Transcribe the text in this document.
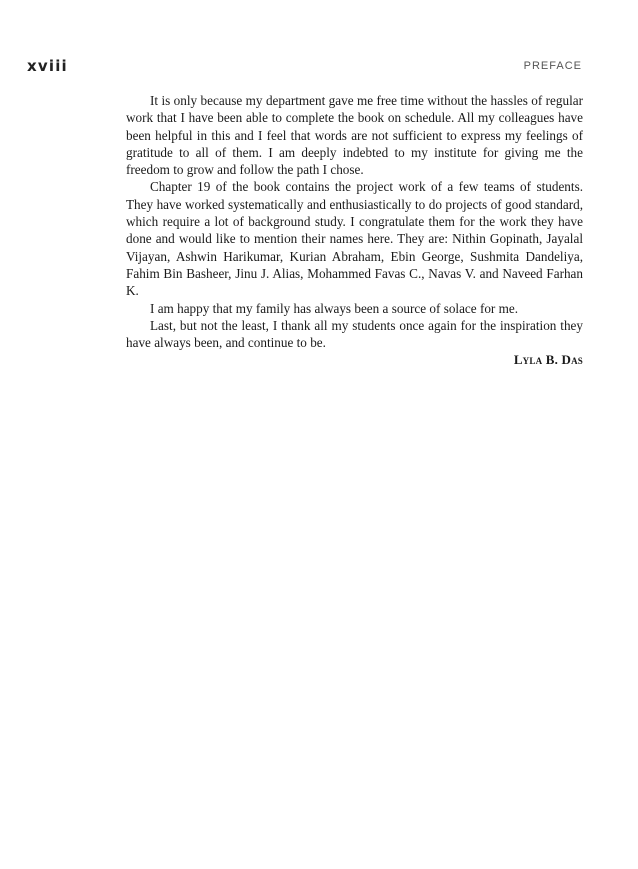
xviii	PREFACE

It is only because my department gave me free time without the hassles of regular work that I have been able to complete the book on schedule. All my colleagues have been helpful in this and I feel that words are not sufficient to express my feelings of gratitude to all of them. I am deeply indebted to my institute for giving me the freedom to grow and follow the path I chose.

Chapter 19 of the book contains the project work of a few teams of students. They have worked systematically and enthusiastically to do projects of good standard, which require a lot of background study. I congratulate them for the work they have done and would like to mention their names here. They are: Nithin Gopinath, Jayalal Vijayan, Ashwin Harikumar, Kurian Abraham, Ebin George, Sushmita Dandeliya, Fahim Bin Basheer, Jinu J. Alias, Mohammed Favas C., Navas V. and Naveed Farhan K.

I am happy that my family has always been a source of solace for me.

Last, but not the least, I thank all my students once again for the inspiration they have always been, and continue to be.

Lyla B. Das
